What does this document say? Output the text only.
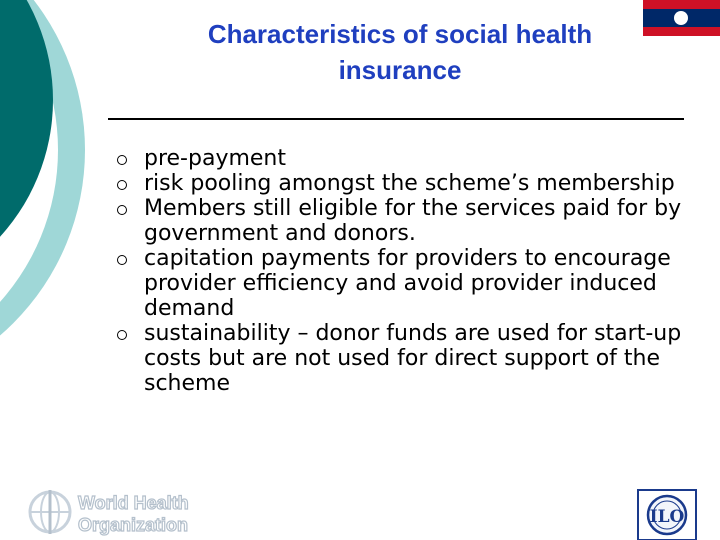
Characteristics of social health
insurance
pre-payment
risk pooling amongst the scheme’s membership
Members still eligible for the services paid for by government and donors.
capitation payments for providers to encourage provider efficiency and avoid provider induced demand
sustainability – donor funds are used for start-up costs but are not used for direct support of the scheme
World Health
Organization	ILO
